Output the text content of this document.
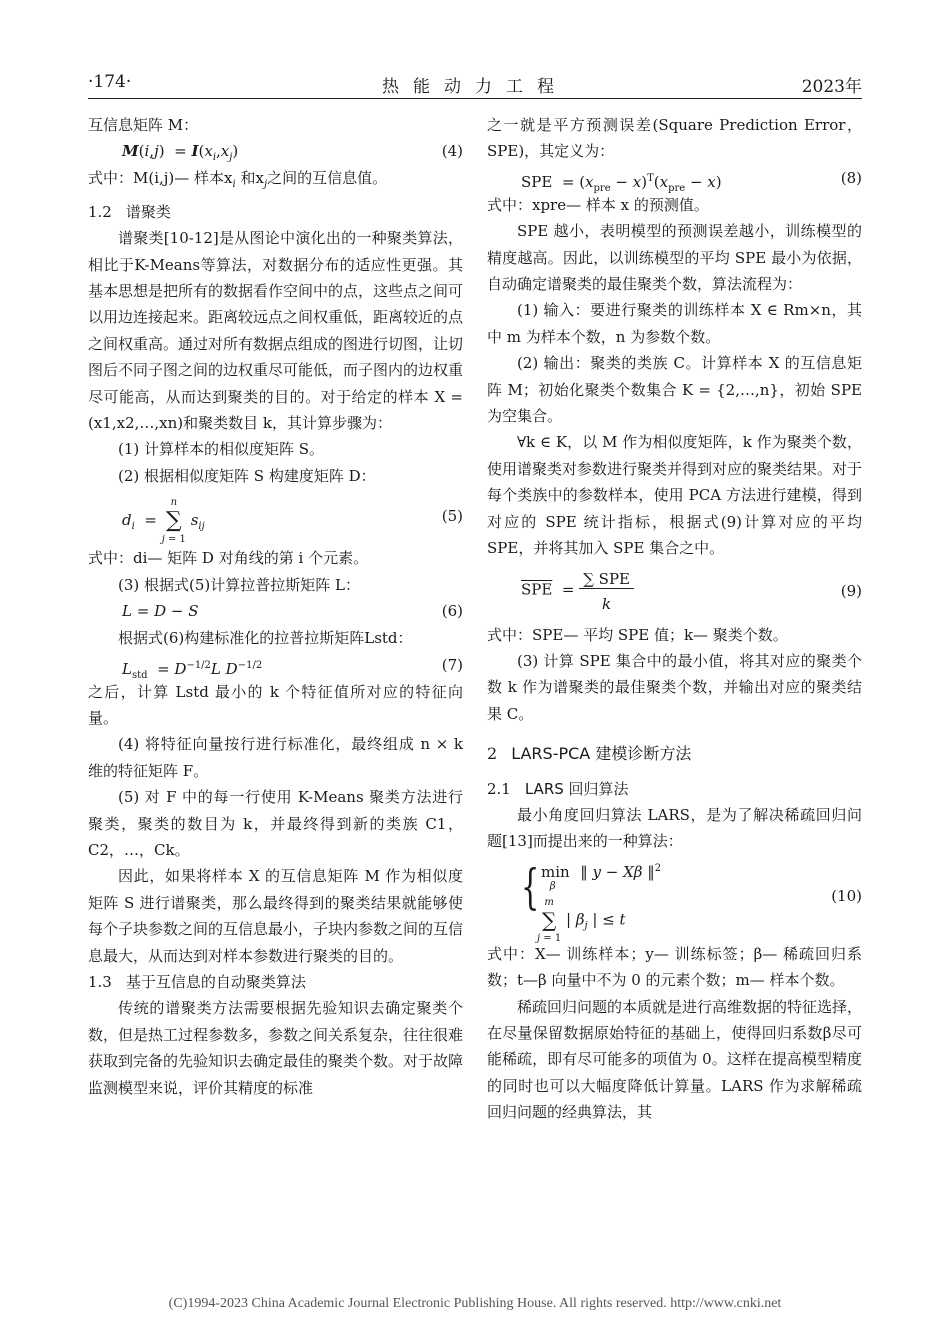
·174·	热能动力工程	2023年

互信息矩阵 M：

$M(i,j) = I(x_i,x_j)$	(4)

式中：M(i,j)— 样本$x_i$ 和$x_j$之间的互信息值。

1.2 谱聚类

谱聚类[10-12]是从图论中演化出的一种聚类算法，相比于K-Means等算法，对数据分布的适应性更强。其基本思想是把所有的数据看作空间中的点，这些点之间可以用边连接起来。距离较远点之间权重低，距离较近的点之间权重高。通过对所有数据点组成的图进行切图，让切图后不同子图之间的边权重尽可能低，而子图内的边权重尽可能高，从而达到聚类的目的。对于给定的样本 X = (x1,x2,…,xn)和聚类数目 k，其计算步骤为：

(1) 计算样本的相似度矩阵 S。

(2) 根据相似度矩阵 S 构建度矩阵 D：

$d_i = n$
∑
j = 1 $s_{ij}$
(5)

式中：di— 矩阵 D 对角线的第 i 个元素。

(3) 根据式(5)计算拉普拉斯矩阵 L：

L = D − S	(6)

根据式(6)构建标准化的拉普拉斯矩阵Lstd：

$L_{std} = D^{-1/2}L$ $D^{-1/2}$	(7)

之后，计算 Lstd 最小的 k 个特征值所对应的特征向量。

(4) 将特征向量按行进行标准化，最终组成 n × k 维的特征矩阵 F。

(5) 对 F 中的每一行使用 K-Means 聚类方法进行聚类，聚类的数目为 k，并最终得到新的类族 C1，C2，…，Ck。

因此，如果将样本 X 的互信息矩阵 M 作为相似度矩阵 S 进行谱聚类，那么最终得到的聚类结果就能够使每个子块参数之间的互信息最小，子块内参数之间的互信息最大，从而达到对样本参数进行聚类的目的。

1.3 基于互信息的自动聚类算法

传统的谱聚类方法需要根据先验知识去确定聚类个数，但是热工过程参数多，参数之间关系复杂，往往很难获取到完备的先验知识去确定最佳的聚类个数。对于故障监测模型来说，评价其精度的标准

之一就是平方预测误差(Square Prediction Error，SPE)，其定义为：

SPE  = $(x_{pre} - x)^T(x_{pre} - x)$	(8)

式中：xpre— 样本 x 的预测值。

SPE 越小，表明模型的预测误差越小，训练模型的精度越高。因此，以训练模型的平均 SPE 最小为依据，自动确定谱聚类的最佳聚类个数，算法流程为：

(1) 输入：要进行聚类的训练样本 X ∈ Rm×n，其中 m 为样本个数，n 为参数个数。

(2) 输出：聚类的类族 C。计算样本 X 的互信息矩阵 M；初始化聚类个数集合 K = {2,…,n}，初始 SPE 为空集合。

∀k ∈ K，以 M 作为相似度矩阵，k 作为聚类个数，使用谱聚类对参数进行聚类并得到对应的聚类结果。对于每个类族中的参数样本，使用 PCA 方法进行建模，得到对应的 SPE 统计指标，根据式(9)计算对应的平均 SPE，并将其加入 SPE 集合之中。

$\overline{SPE} = \frac{\text{∑ SPE}}{k}$	(9)

式中：SPE— 平均 SPE 值；k— 聚类个数。

(3) 计算 SPE 集合中的最小值，将其对应的聚类个数 k 作为谱聚类的最佳聚类个数，并输出对应的聚类结果 C。

2 LARS-PCA 建模诊断方法

2.1 LARS 回归算法

最小角度回归算法 LARS，是为了解决稀疏回归问题[13]而提出来的一种算法：

{ $\min_\beta$ ‖ y − Xβ ‖$^2$
m
∑
j = 1 | $\beta_j$ | ≤ t
(10)

式中：X— 训练样本；y— 训练标签；β— 稀疏回归系数；t—β 向量中不为 0 的元素个数；m— 样本个数。

稀疏回归问题的本质就是进行高维数据的特征选择，在尽量保留数据原始特征的基础上，使得回归系数β尽可能稀疏，即有尽可能多的项值为 0。这样在提高模型精度的同时也可以大幅度降低计算量。LARS 作为求解稀疏回归问题的经典算法，其

(C)1994-2023 China Academic Journal Electronic Publishing House. All rights reserved. http://www.cnki.net
